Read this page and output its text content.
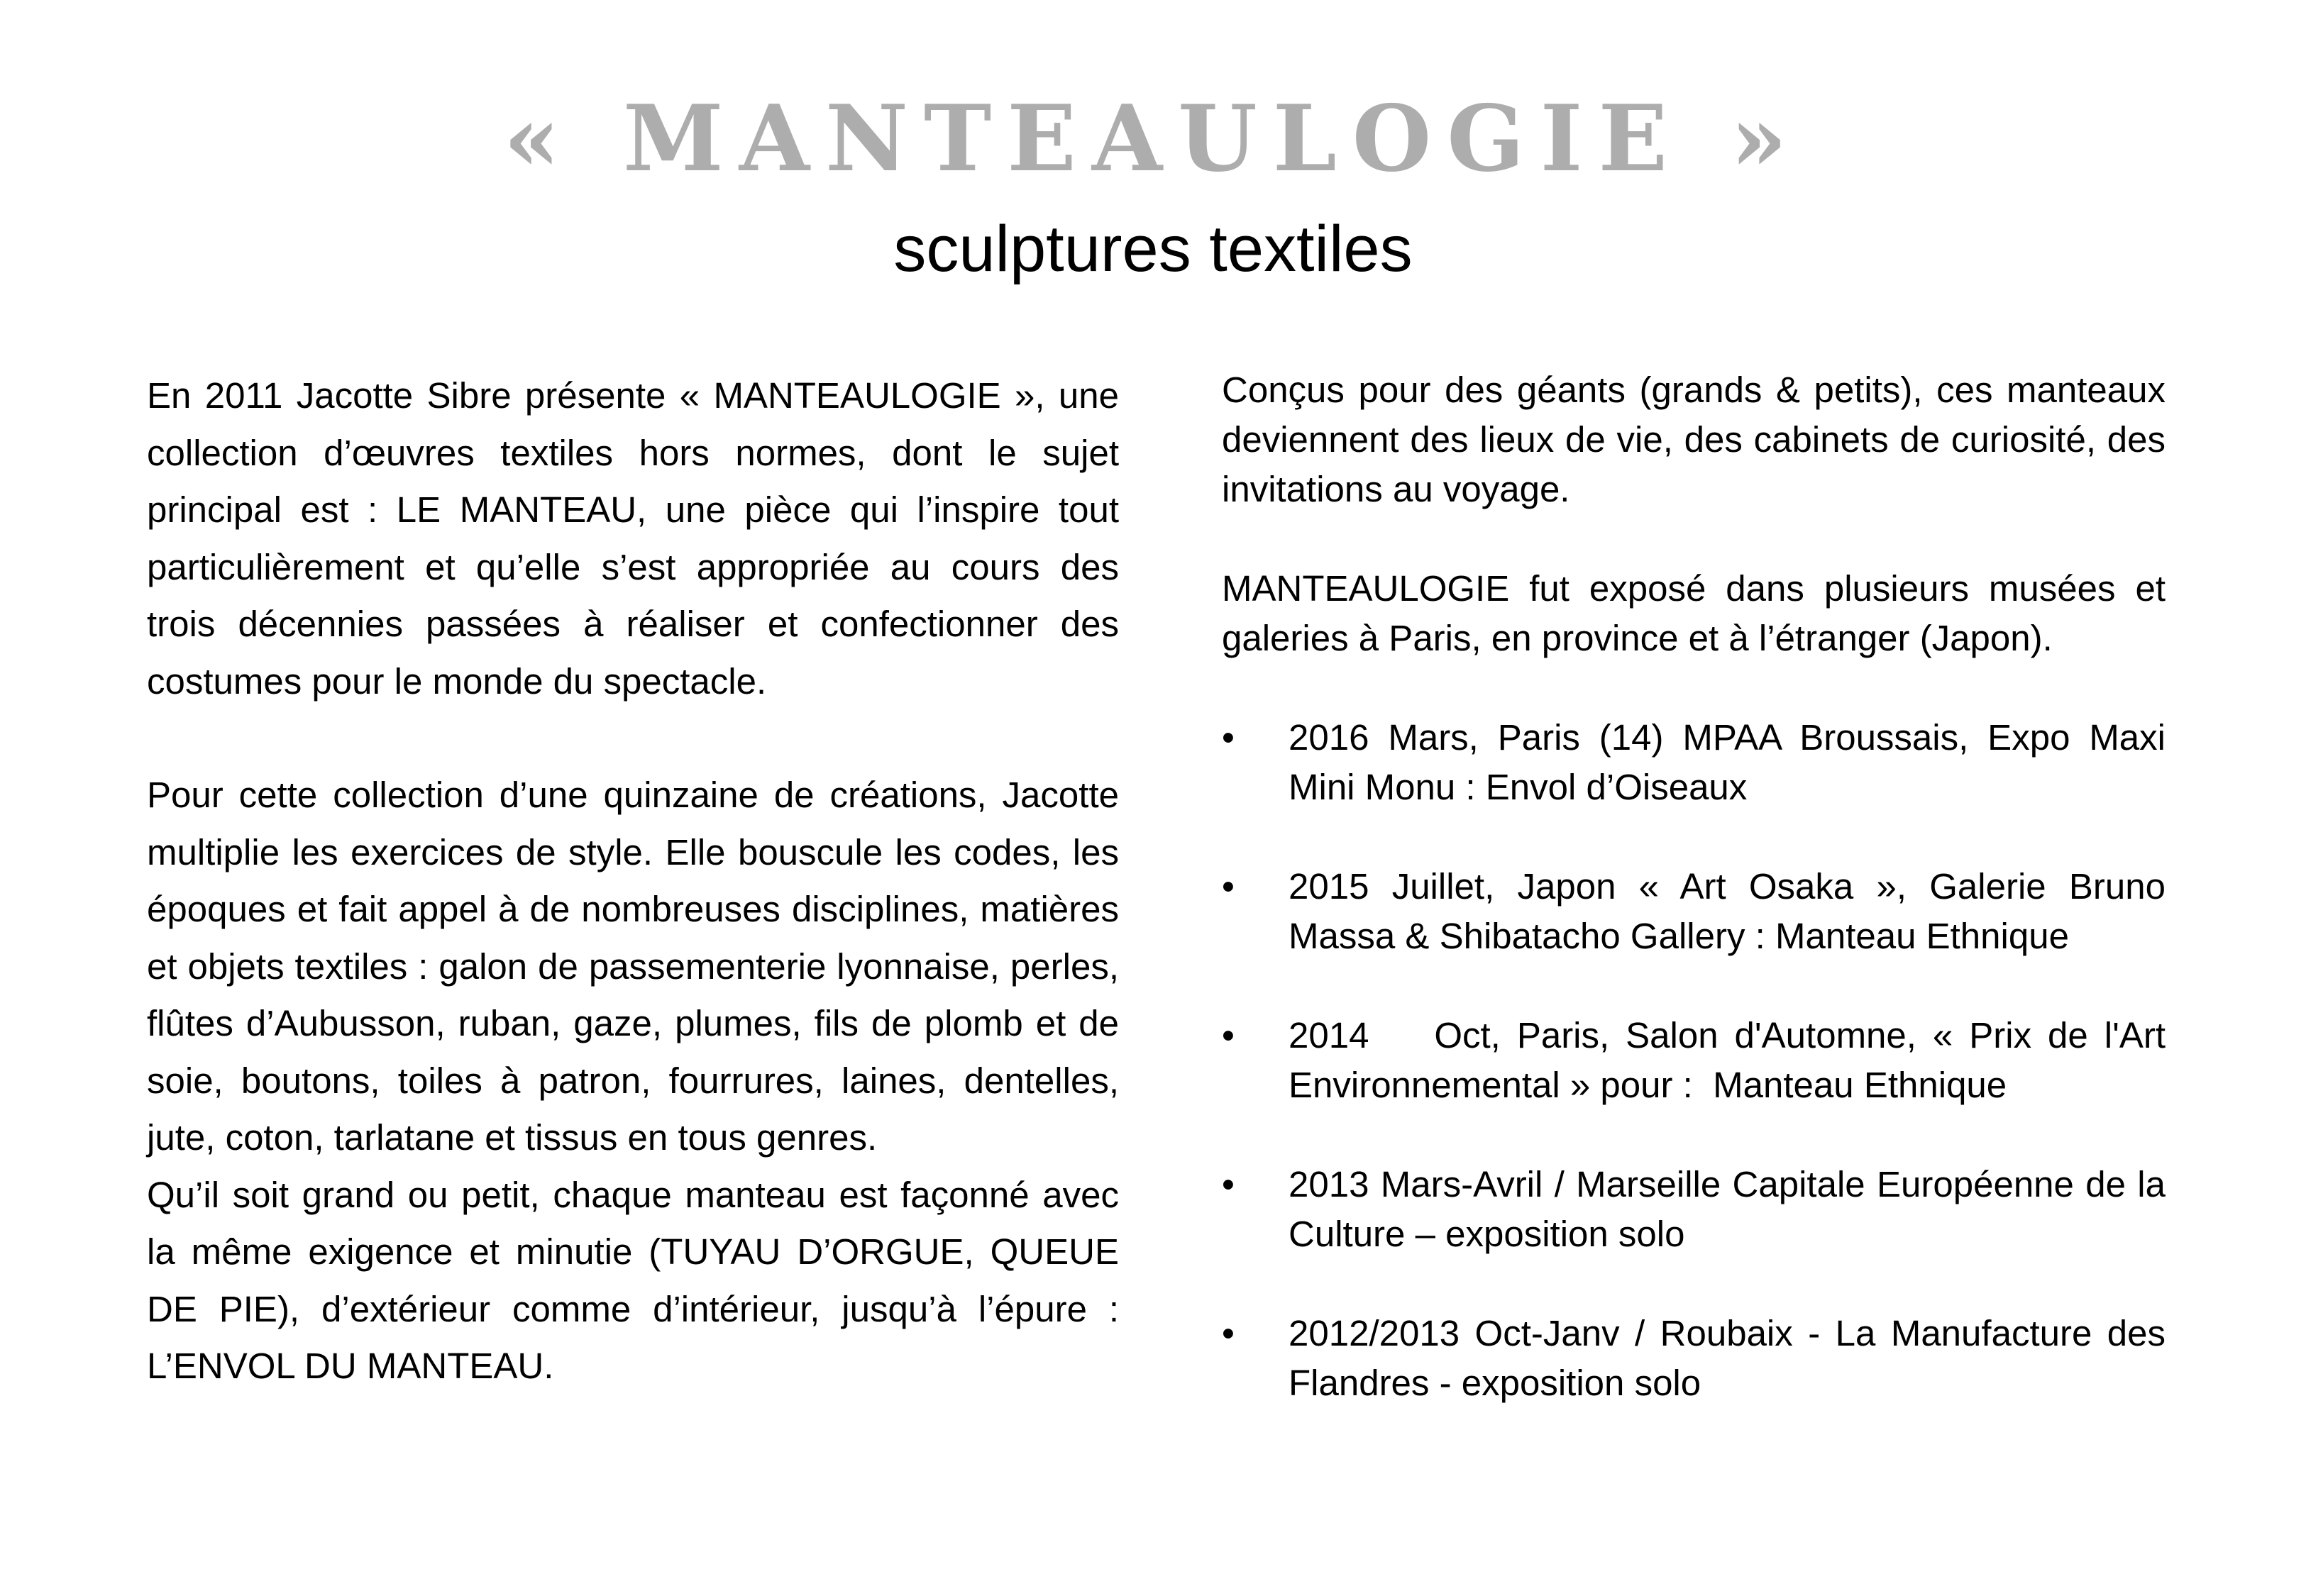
« MANTEAULOGIE »
sculptures textiles

En 2011 Jacotte Sibre présente « MANTEAULOGIE », une collection d’œuvres textiles hors normes, dont le sujet principal est : LE MANTEAU, une pièce qui l’inspire tout particulièrement et qu’elle s’est appropriée au cours des trois décennies passées à réaliser et confectionner des costumes pour le monde du spectacle.

Pour cette collection d’une quinzaine de créations, Jacotte multiplie les exercices de style. Elle bouscule les codes, les époques et fait appel à de nombreuses disciplines, matières et objets textiles : galon de passementerie lyonnaise, perles, flûtes d’Aubusson, ruban, gaze, plumes, fils de plomb et de soie, boutons, toiles à patron, fourrures, laines, dentelles, jute, coton, tarlatane et tissus en tous genres.

Qu’il soit grand ou petit, chaque manteau est façonné avec la même exigence et minutie (TUYAU D’ORGUE, QUEUE DE PIE), d’extérieur comme d’intérieur, jusqu’à l’épure : L’ENVOL DU MANTEAU.

Conçus pour des géants (grands & petits), ces manteaux deviennent des lieux de vie, des cabinets de curiosité, des invitations au voyage.

MANTEAULOGIE fut exposé dans plusieurs musées et galeries à Paris, en province et à l’étranger (Japon).

•	2016 Mars, Paris (14) MPAA Broussais, Expo Maxi Mini Monu : Envol d’Oiseaux
•	2015 Juillet, Japon « Art Osaka », Galerie Bruno Massa & Shibatacho Gallery : Manteau Ethnique
•	2014    Oct, Paris, Salon d'Automne, « Prix de l'Art Environnemental » pour :  Manteau Ethnique
•	2013 Mars-Avril / Marseille Capitale Européenne de la Culture – exposition solo
•	2012/2013 Oct-Janv / Roubaix - La Manufacture des Flandres - exposition solo
